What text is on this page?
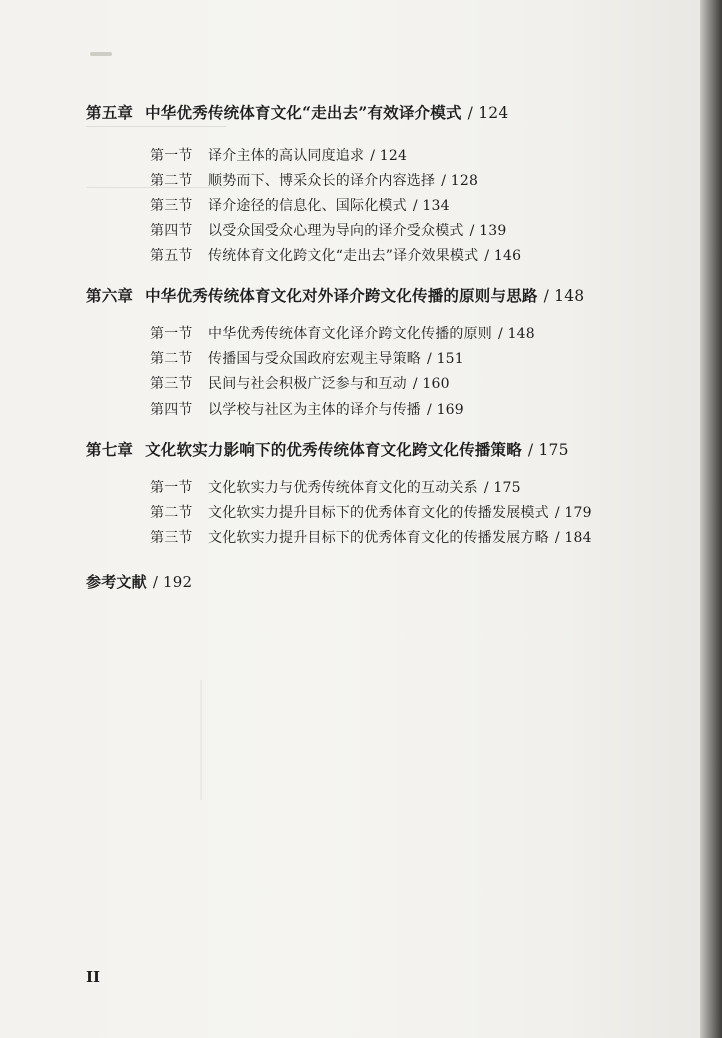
第五章 中华优秀传统体育文化“走出去”有效译介模式 / 124
第一节 译介主体的高认同度追求 / 124
第二节 顺势而下、博采众长的译介内容选择 / 128
第三节 译介途径的信息化、国际化模式 / 134
第四节 以受众国受众心理为导向的译介受众模式 / 139
第五节 传统体育文化跨文化“走出去”译介效果模式 / 146
第六章 中华优秀传统体育文化对外译介跨文化传播的原则与思路 / 148
第一节 中华优秀传统体育文化译介跨文化传播的原则 / 148
第二节 传播国与受众国政府宏观主导策略 / 151
第三节 民间与社会积极广泛参与和互动 / 160
第四节 以学校与社区为主体的译介与传播 / 169
第七章 文化软实力影响下的优秀传统体育文化跨文化传播策略 / 175
第一节 文化软实力与优秀传统体育文化的互动关系 / 175
第二节 文化软实力提升目标下的优秀体育文化的传播发展模式 / 179
第三节 文化软实力提升目标下的优秀体育文化的传播发展方略 / 184
参考文献 / 192
II
